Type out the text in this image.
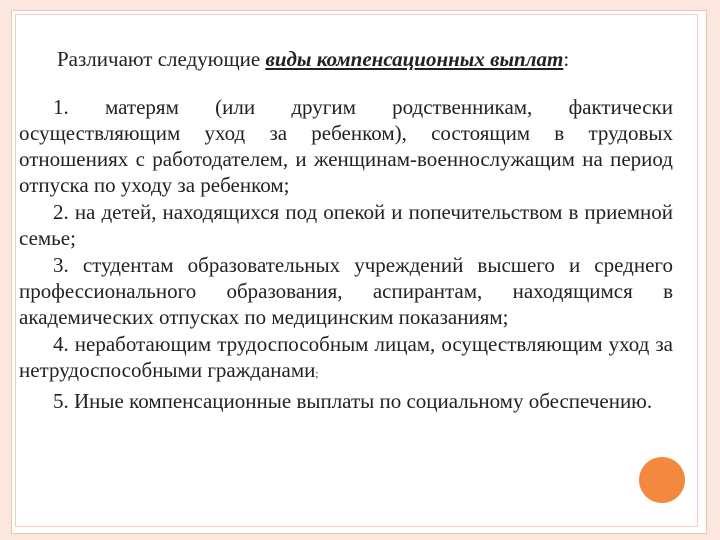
Различают следующие виды компенсационных выплат:
1. матерям (или другим родственникам, фактически осуществляющим уход за ребенком), состоящим в трудовых отношениях с работодателем, и женщинам-военнослужащим на период отпуска по уходу за ребенком;
2. на детей, находящихся под опекой и попечительством в приемной семье;
3. студентам образовательных учреждений высшего и среднего профессионального образования, аспирантам, находящимся в академических отпусках по медицинским показаниям;
4. неработающим трудоспособным лицам, осуществляющим уход за нетрудоспособными гражданами;
5. Иные компенсационные выплаты по социальному обеспечению.
